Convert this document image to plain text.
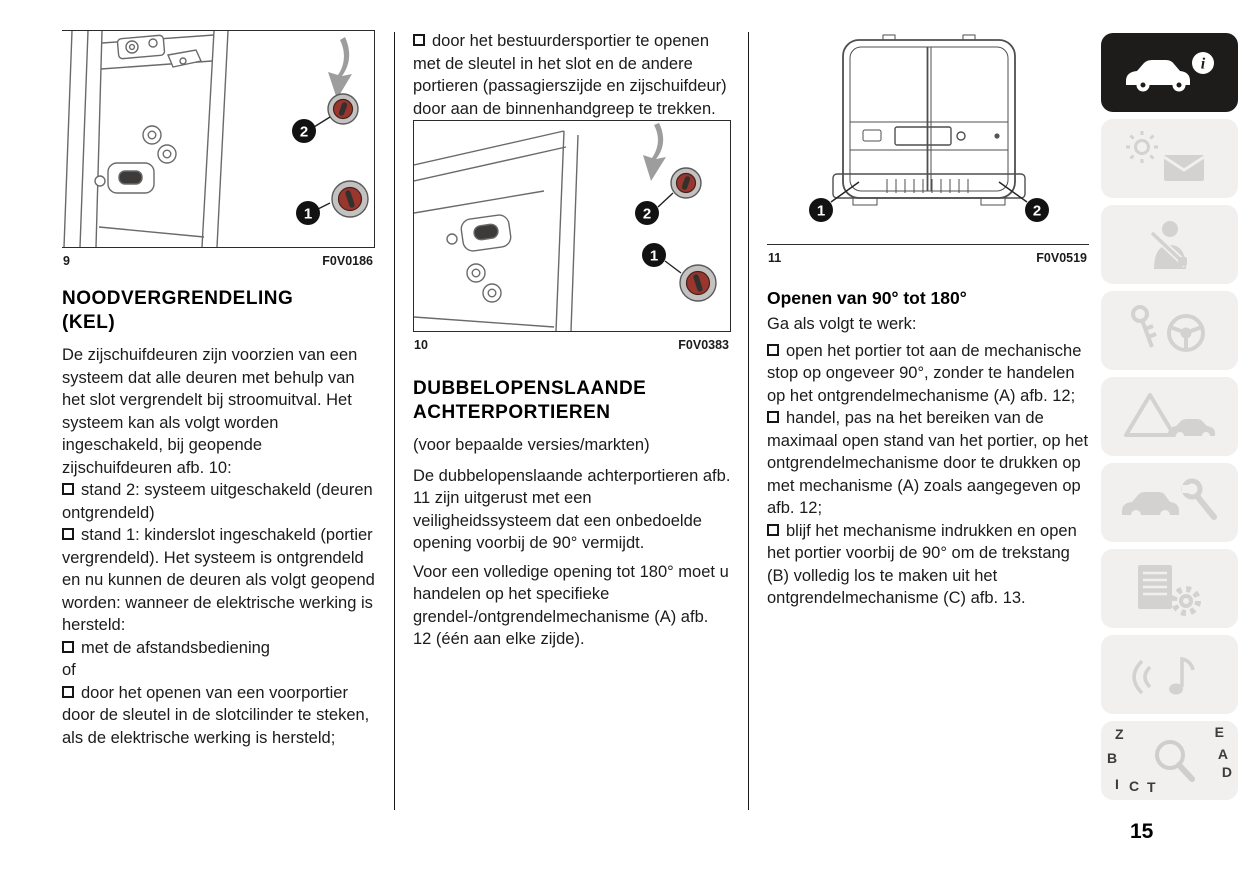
2
1
9	F0V0186
NOODVERGRENDELING
(KEL)

De zijschuifdeuren zijn voorzien van een systeem dat alle deuren met behulp van het slot vergrendelt bij stroomuitval. Het systeem kan als volgt worden ingeschakeld, bij geopende zijschuifdeuren afb. 10:

stand 2: systeem uitgeschakeld (deuren ontgrendeld)

stand 1: kinderslot ingeschakeld (portier vergrendeld). Het systeem is ontgrendeld en nu kunnen de deuren als volgt geopend worden: wanneer de elektrische werking is hersteld:

met de afstandsbediening

of

door het openen van een voorportier door de sleutel in de slotcilinder te steken, als de elektrische werking is hersteld;

door het bestuurdersportier te openen met de sleutel in het slot en de andere portieren (passagierszijde en zijschuifdeur) door aan de binnenhandgreep te trekken.

2
1
10	F0V0383
DUBBELOPENSLAANDE
ACHTERPORTIEREN

(voor bepaalde versies/markten)

De dubbelopenslaande achterportieren afb. 11 zijn uitgerust met een veiligheidssysteem dat een onbedoelde opening voorbij de 90° vermijdt.

Voor een volledige opening tot 180° moet u handelen op het specifieke grendel-/ontgrendelmechanisme (A) afb. 12 (één aan elke zijde).

1	2
11	F0V0519
Openen van 90° tot 180°

Ga als volgt te werk:

open het portier tot aan de mechanische stop op ongeveer 90°, zonder te handelen op het ontgrendelmechanisme (A) afb. 12;

handel, pas na het bereiken van de maximaal open stand van het portier, op het ontgrendelmechanisme door te drukken op met mechanisme (A) zoals aangegeven op afb. 12;

blijf het mechanisme indrukken en open het portier voorbij de 90° om de trekstang (B) volledig los te maken uit het ontgrendelmechanisme (C) afb. 13.

i
Z	E
B	A
D
I C T
15
